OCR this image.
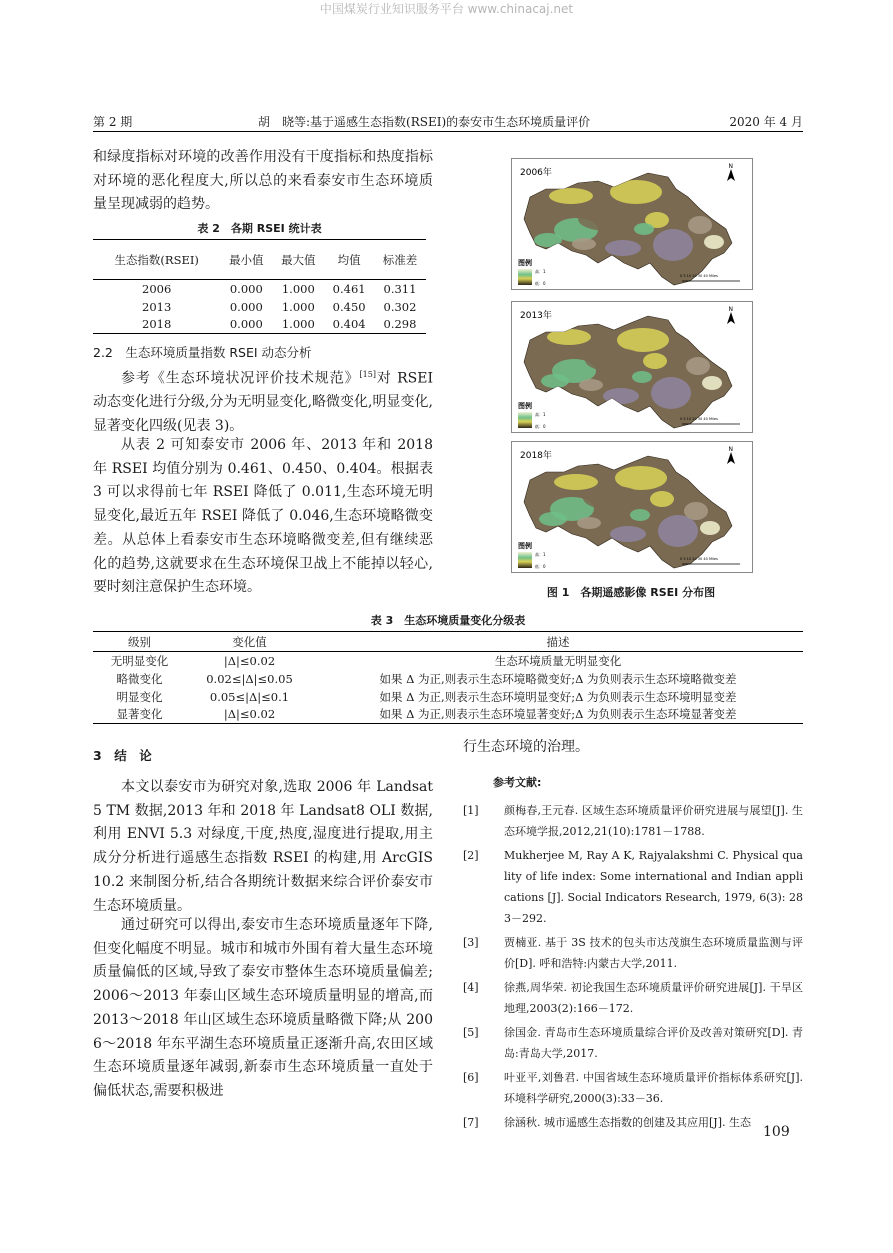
中国煤炭行业知识服务平台 www.chinacaj.net
第 2 期	胡　晓等:基于遥感生态指数(RSEI)的泰安市生态环境质量评价	2020 年 4 月
和绿度指标对环境的改善作用没有干度指标和热度指标对环境的恶化程度大,所以总的来看泰安市生态环境质量呈现减弱的趋势。
表 2　各期 RSEI 统计表
生态指数(RSEI)	最小值	最大值	均值	标准差
2006	0.000	1.000	0.461	0.311
2013	0.000	1.000	0.450	0.302
2018	0.000	1.000	0.404	0.298
2.2　生态环境质量指数 RSEI 动态分析
参考《生态环境状况评价技术规范》[15]对 RSEI 动态变化进行分级,分为无明显变化,略微变化,明显变化,显著变化四级(见表 3)。
从表 2 可知泰安市 2006 年、2013 年和 2018 年 RSEI 均值分别为 0.461、0.450、0.404。根据表 3 可以求得前七年 RSEI 降低了 0.011,生态环境无明显变化,最近五年 RSEI 降低了 0.046,生态环境略微变差。从总体上看泰安市生态环境略微变差,但有继续恶化的趋势,这就要求在生态环境保卫战上不能掉以轻心,要时刻注意保护生态环境。
2006年
N
图例
高：1
低：0
0 5 10 20 30 40 Miles
2013年
N
图例
高：1
低：0
0 5 10 20 30 40 Miles
2018年
N
图例
高：1
低：0
0 5 10 20 30 40 Miles
图 1　各期遥感影像 RSEI 分布图
表 3　生态环境质量变化分级表
级别	变化值	描述
无明显变化	|Δ|≤0.02	生态环境质量无明显变化
略微变化	0.02≤|Δ|≤0.05	如果 Δ 为正,则表示生态环境略微变好;Δ 为负则表示生态环境略微变差
明显变化	0.05≤|Δ|≤0.1	如果 Δ 为正,则表示生态环境明显变好;Δ 为负则表示生态环境明显变差
显著变化	|Δ|≤0.02	如果 Δ 为正,则表示生态环境显著变好;Δ 为负则表示生态环境显著变差
3　结　论
本文以泰安市为研究对象,选取 2006 年 Landsat5 TM 数据,2013 年和 2018 年 Landsat8 OLI 数据,利用 ENVI 5.3 对绿度,干度,热度,湿度进行提取,用主成分分析进行遥感生态指数 RSEI 的构建,用 ArcGIS 10.2 来制图分析,结合各期统计数据来综合评价泰安市生态环境质量。
通过研究可以得出,泰安市生态环境质量逐年下降,但变化幅度不明显。城市和城市外围有着大量生态环境质量偏低的区域,导致了泰安市整体生态环境质量偏差;2006～2013 年泰山区域生态环境质量明显的增高,而 2013～2018 年山区域生态环境质量略微下降;从 2006～2018 年东平湖生态环境质量正逐渐升高,农田区域生态环境质量逐年减弱,新泰市生态环境质量一直处于偏低状态,需要积极进
行生态环境的治理。
参考文献:
[1]	颜梅春,王元春. 区域生态环境质量评价研究进展与展望[J]. 生态环境学报,2012,21(10):1781－1788.
[2]	Mukherjee M, Ray A K, Rajyalakshmi C. Physical quality of life index: Some international and Indian applications [J]. Social Indicators Research, 1979, 6(3): 283－292.
[3]	贾楠亚. 基于 3S 技术的包头市达茂旗生态环境质量监测与评价[D]. 呼和浩特:内蒙古大学,2011.
[4]	徐燕,周华荣. 初论我国生态环境质量评价研究进展[J]. 干旱区地理,2003(2):166－172.
[5]	徐国金. 青岛市生态环境质量综合评价及改善对策研究[D]. 青岛:青岛大学,2017.
[6]	叶亚平,刘鲁君. 中国省域生态环境质量评价指标体系研究[J]. 环境科学研究,2000(3):33－36.
[7]	徐涵秋. 城市遥感生态指数的创建及其应用[J]. 生态
109
